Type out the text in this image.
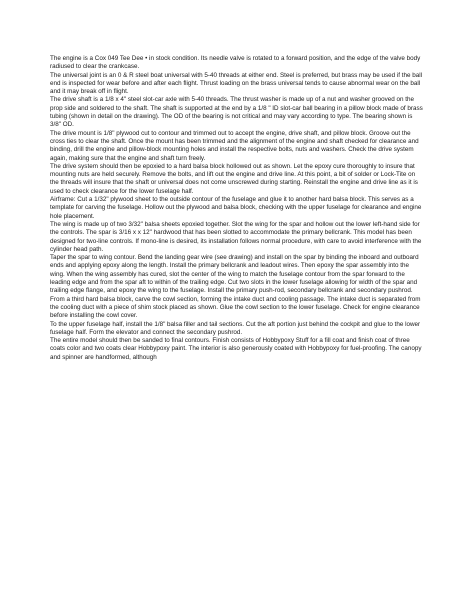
The engine is a Cox 049 Tee Dee • in stock condition. Its needle valve is rotated to a forward position, and the edge of the valve body radiused to clear the crankcase.

The universal joint is an 0 & R steel boat universal with 5-40 threads at either end. Steel is preferred, but brass may be used if the ball end is inspected for wear before and after each flight. Thrust loading on the brass universal tends to cause abnormal wear on the ball and it may break off in flight.

The drive shaft is a 1/8 x 4" steel slot-car axle with 5-40 threads. The thrust washer is made up of a nut and washer grooved on the prop side and soldered to the shaft. The shaft is supported at the end by a 1/8 " ID slot-car ball bearing in a pillow block made of brass tubing (shown in detail on the drawing). The OD of the bearing is not critical and may vary according to type. The bearing shown is 3/8" OD.

The drive mount is 1/8" plywood cut to contour and trimmed out to accept the engine, drive shaft, and pillow block. Groove out the cross ties to clear the shaft. Once the mount has been trimmed and the alignment of the engine and shaft checked for clearance and binding, drill the engine and pillow-block mounting holes and install the respective bolts, nuts and washers. Check the drive system again, making sure that the engine and shaft turn freely.

The drive system should then be epoxied to a hard balsa block hollowed out as shown. Let the epoxy cure thoroughly to insure that mounting nuts are held securely. Remove the bolts, and lift out the engine and drive line. At this point, a bit of solder or Lock-Tite on the threads will insure that the shaft or universal does not come unscrewed during starting. Reinstall the engine and drive line as it is used to check clearance for the lower fuselage half.

Airframe: Cut a 1/32" plywood sheet to the outside contour of the fuselage and glue it to another hard balsa block. This serves as a template for carving the fuselage. Hollow out the plywood and balsa block, checking with the upper fuselage for clearance and engine hole placement.

The wing is made up of two 3/32" balsa sheets epoxied together. Slot the wing for the spar and hollow out the lower left-hand side for the controls. The spar is 3/16 x x 12" hardwood that has been slotted to accommodate the primary bellcrank. This model has been designed for two-line controls. If mono-line is desired, its installation follows normal procedure, with care to avoid interference with the cylinder head path.

Taper the spar to wing contour. Bend the landing gear wire (see drawing) and install on the spar by binding the inboard and outboard ends and applying epoxy along the length. Install the primary bellcrank and leadout wires. Then epoxy the spar assembly into the wing. When the wing assembly has cured, slot the center of the wing to match the fuselage contour from the spar forward to the leading edge and from the spar aft to within of the trailing edge. Cut two slots in the lower fuselage allowing for width of the spar and trailing edge flange, and epoxy the wing to the fuselage. Install the primary push-rod, secondary bellcrank and secondary pushrod.

From a third hard balsa block, carve the cowl section, forming the intake duct and cooling passage. The intake duct is separated from the cooling duct with a piece of shim stock placed as shown. Glue the cowl section to the lower fuselage. Check for engine clearance before installing the cowl cover.

To the upper fuselage half, install the 1/8" balsa filler and tail sections. Cut the aft portion just behind the cockpit and glue to the lower fuselage half. Form the elevator and connect the secondary pushrod.

The entire model should then be sanded to final contours. Finish consists of Hobbypoxy Stuff for a fill coat and finish coat of three coats color and two coats clear Hobbypoxy paint. The interior is also generously coated with Hobbypoxy for fuel-proofing. The canopy and spinner are handformed, although
